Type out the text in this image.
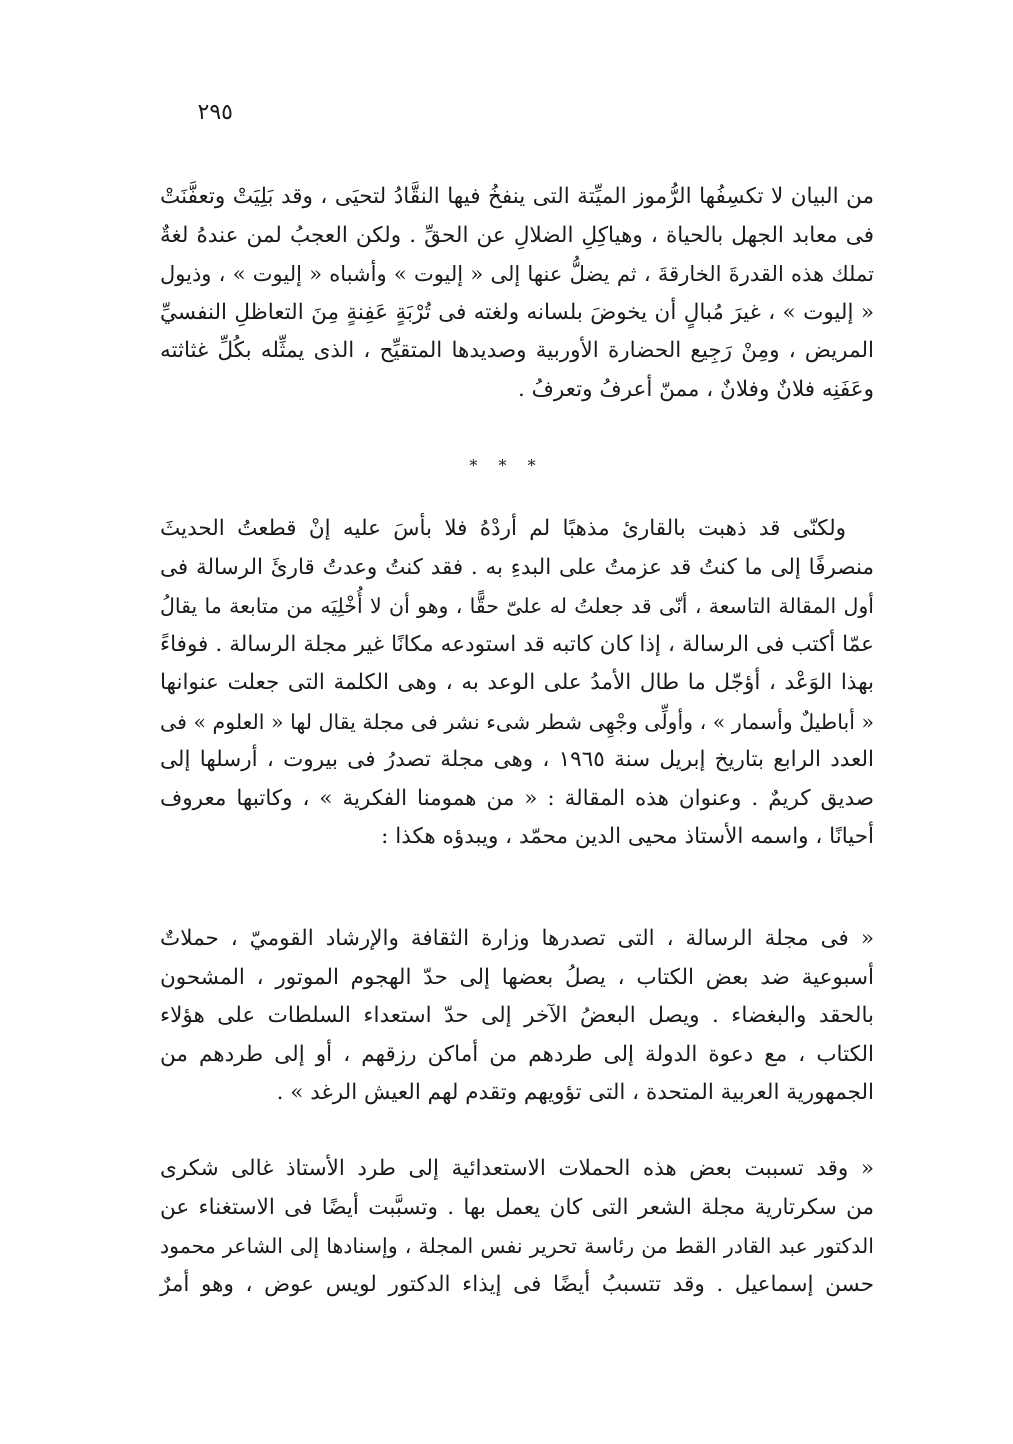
٢٩٥
من البيان لا تكسِفُها الرُّموز الميِّتة التى ينفخُ فيها النقَّادُ لتحيَى ، وقد بَلِيَتْ وتعفَّنَتْ
فى معابد الجهل بالحياة ، وهياكِلِ الضلالِ عن الحقِّ . ولكن العجبُ لمن عندهُ لغةٌ
تملك هذه القدرةَ الخارقةَ ، ثم يضلُّ عنها إلى « إليوت » وأشباه « إليوت » ، وذيول
« إليوت » ، غيرَ مُبالٍ أن يخوضَ بلسانه ولغته فى تُرْبَةٍ عَفِنةٍ مِنَ التعاظلِ النفسيِّ
المريض ، ومِنْ رَجِيع الحضارة الأوربية وصديدها المتقيِّح ، الذى يمثِّله بكُلِّ غثاثته
وعَفَنِه فلانٌ وفلانٌ ، ممنّ أعرفُ وتعرفُ .
* * *
ولكنّى قد ذهبت بالقارئ مذهبًا لم أردْهُ فلا بأسَ عليه إنْ قطعتُ الحديثَ
منصرفًا إلى ما كنتُ قد عزمتُ على البدءِ به . فقد كنتُ وعدتُ قارئَ الرسالة فى
أول المقالة التاسعة ، أنّى قد جعلتُ له علىّ حقًّا ، وهو أن لا أُخْلِيَه من متابعة ما يقالُ
عمّا أكتب فى الرسالة ، إذا كان كاتبه قد استودعه مكانًا غير مجلة الرسالة . فوفاءً
بهذا الوَعْد ، أؤجّل ما طال الأمدُ على الوعد به ، وهى الكلمة التى جعلت عنوانها
« أباطيلٌ وأسمار » ، وأولِّى وجْهِى شطر شىء نشر فى مجلة يقال لها « العلوم » فى
العدد الرابع بتاريخ إبريل سنة ١٩٦٥ ، وهى مجلة تصدرُ فى بيروت ، أرسلها إلى
صديق كريمٌ . وعنوان هذه المقالة : « من همومنا الفكرية » ، وكاتبها معروف
أحيانًا ، واسمه الأستاذ محيى الدين محمّد ، ويبدؤه هكذا :
« فى مجلة الرسالة ، التى تصدرها وزارة الثقافة والإرشاد القوميّ ، حملاتٌ
أسبوعية ضد بعض الكتاب ، يصلُ بعضها إلى حدّ الهجوم الموتور ، المشحون
بالحقد والبغضاء . ويصل البعضُ الآخر إلى حدّ استعداء السلطات على هؤلاء
الكتاب ، مع دعوة الدولة إلى طردهم من أماكن رزقهم ، أو إلى طردهم من
الجمهورية العربية المتحدة ، التى تؤويهم وتقدم لهم العيش الرغد » .
« وقد تسببت بعض هذه الحملات الاستعدائية إلى طرد الأستاذ غالى شكرى
من سكرتارية مجلة الشعر التى كان يعمل بها . وتسبَّبت أيضًا فى الاستغناء عن
الدكتور عبد القادر القط من رئاسة تحرير نفس المجلة ، وإسنادها إلى الشاعر محمود
حسن إسماعيل . وقد تتسببُ أيضًا فى إيذاء الدكتور لويس عوض ، وهو أمرٌ
